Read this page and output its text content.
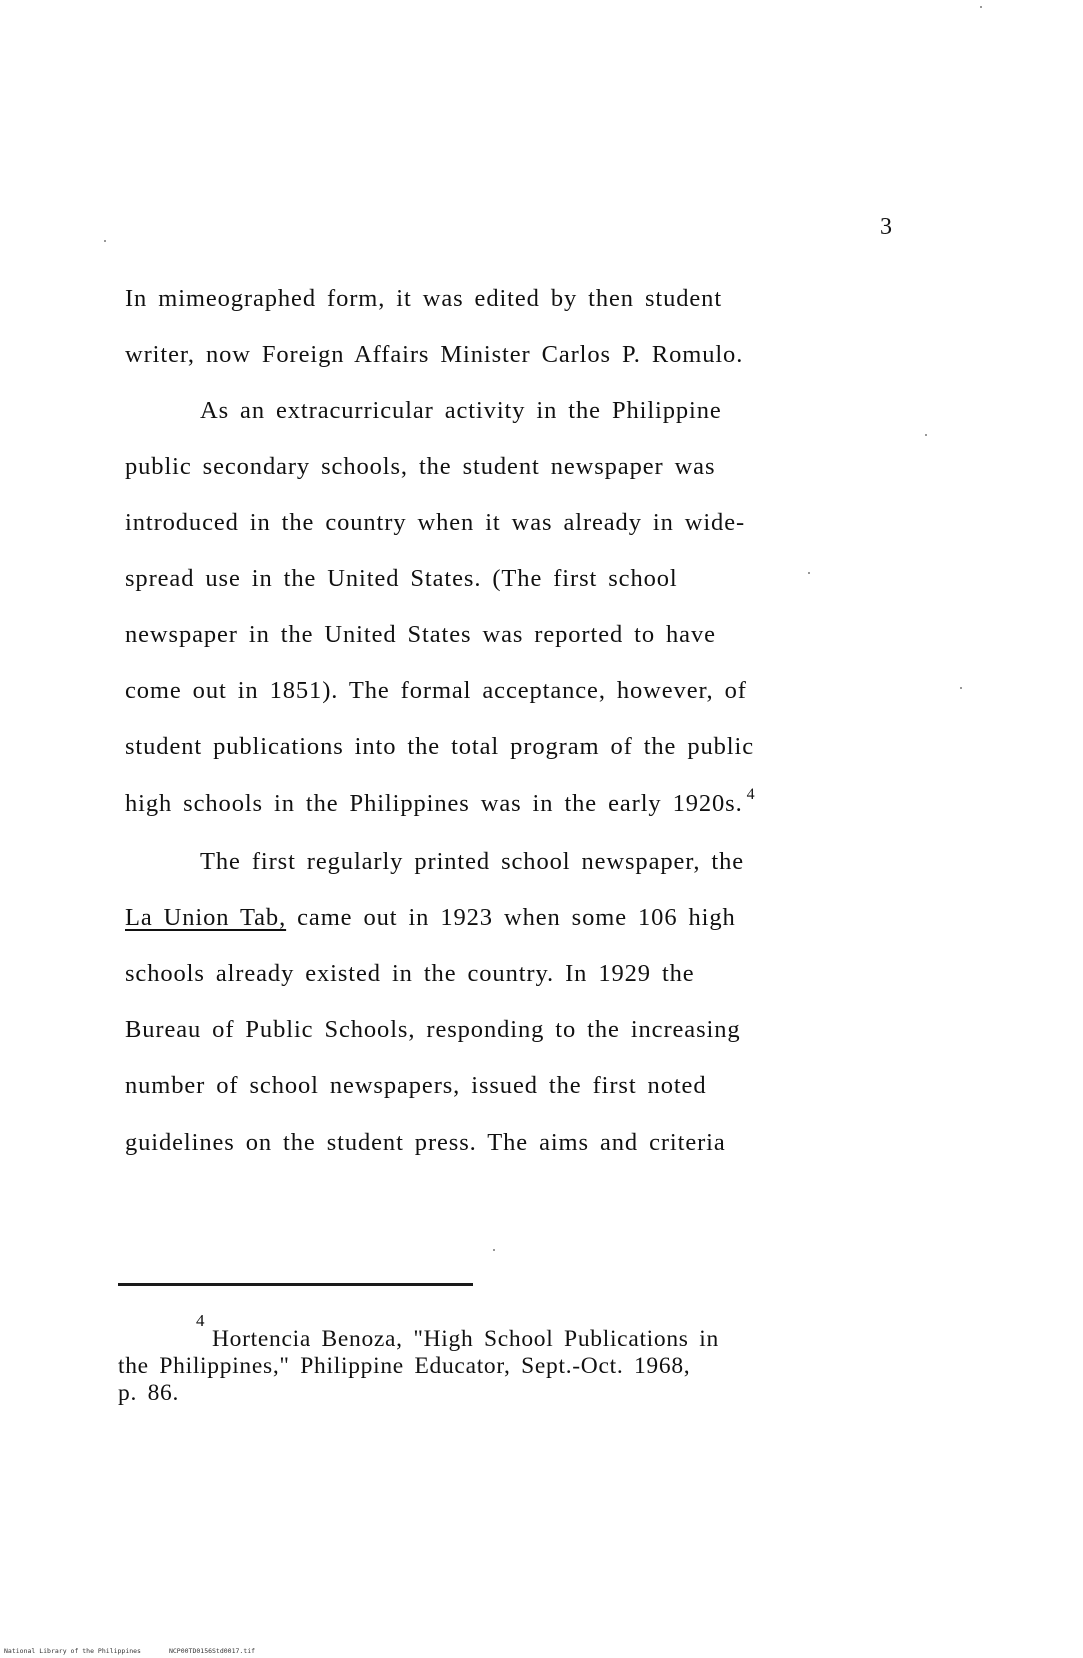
3
In mimeographed form, it was edited by then student
writer, now Foreign Affairs Minister Carlos P. Romulo.
As an extracurricular activity in the Philippine
public secondary schools, the student newspaper was
introduced in the country when it was already in wide-
spread use in the United States. (The first school
newspaper in the United States was reported to have
come out in 1851). The formal acceptance, however, of
student publications into the total program of the public
high schools in the Philippines was in the early 1920s. $^4$
The first regularly printed school newspaper, the
La Union Tab, came out in 1923 when some 106 high
schools already existed in the country. In 1929 the
Bureau of Public Schools, responding to the increasing
number of school newspapers, issued the first noted
guidelines on the student press. The aims and criteria
4
Hortencia Benoza, "High School Publications in
the Philippines," Philippine Educator, Sept.-Oct. 1968,
p. 86.
National Library of the Philippines	NCP00TD0156Std0017.tif
